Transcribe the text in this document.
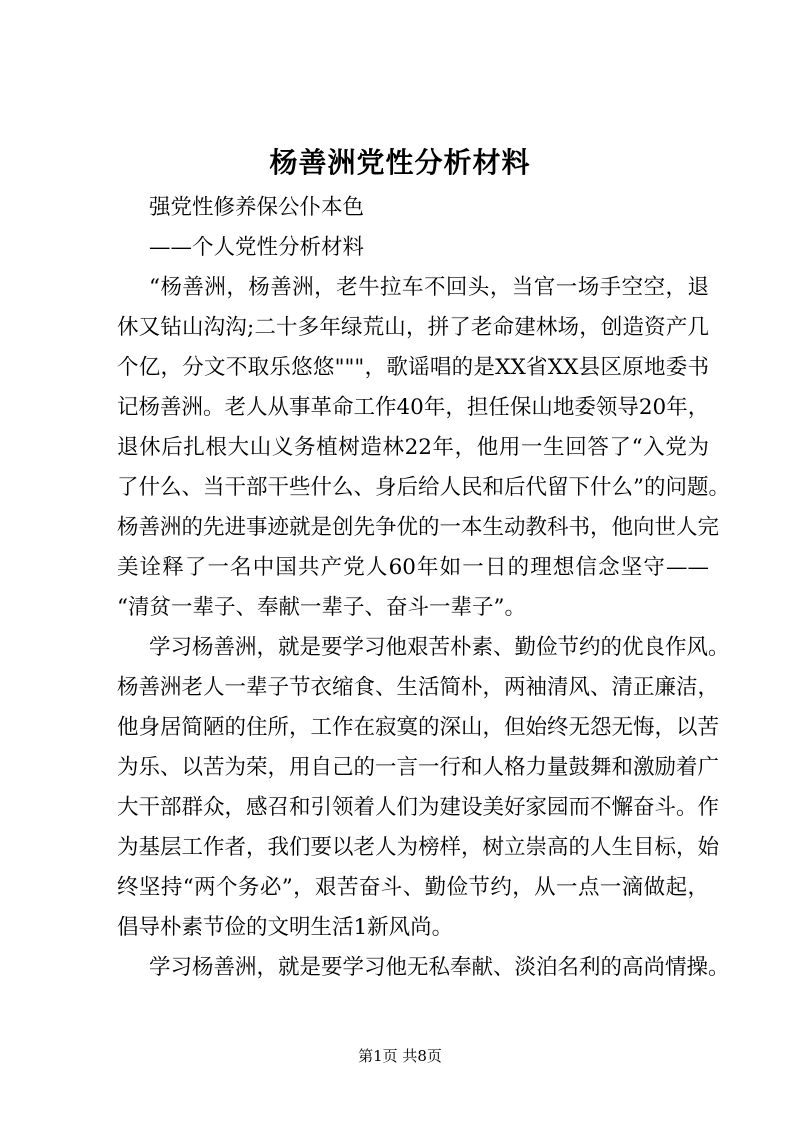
杨善洲党性分析材料
强党性修养保公仆本色
——个人党性分析材料
“杨善洲，杨善洲，老牛拉车不回头，当官一场手空空，退
休又钻山沟沟;二十多年绿荒山，拼了老命建林场，创造资产几
个亿，分文不取乐悠悠"""，歌谣唱的是XX省XX县区原地委书
记杨善洲。老人从事革命工作40年，担任保山地委领导20年，
退休后扎根大山义务植树造林22年，他用一生回答了“入党为
了什么、当干部干些什么、身后给人民和后代留下什么”的问题。
杨善洲的先进事迹就是创先争优的一本生动教科书，他向世人完
美诠释了一名中国共产党人60年如一日的理想信念坚守——
“清贫一辈子、奉献一辈子、奋斗一辈子”。
学习杨善洲，就是要学习他艰苦朴素、勤俭节约的优良作风。
杨善洲老人一辈子节衣缩食、生活简朴，两袖清风、清正廉洁，
他身居简陋的住所，工作在寂寞的深山，但始终无怨无悔，以苦
为乐、以苦为荣，用自己的一言一行和人格力量鼓舞和激励着广
大干部群众，感召和引领着人们为建设美好家园而不懈奋斗。作
为基层工作者，我们要以老人为榜样，树立崇高的人生目标，始
终坚持“两个务必”，艰苦奋斗、勤俭节约，从一点一滴做起，
倡导朴素节俭的文明生活1新风尚。
学习杨善洲，就是要学习他无私奉献、淡泊名利的高尚情操。
第1页 共8页
